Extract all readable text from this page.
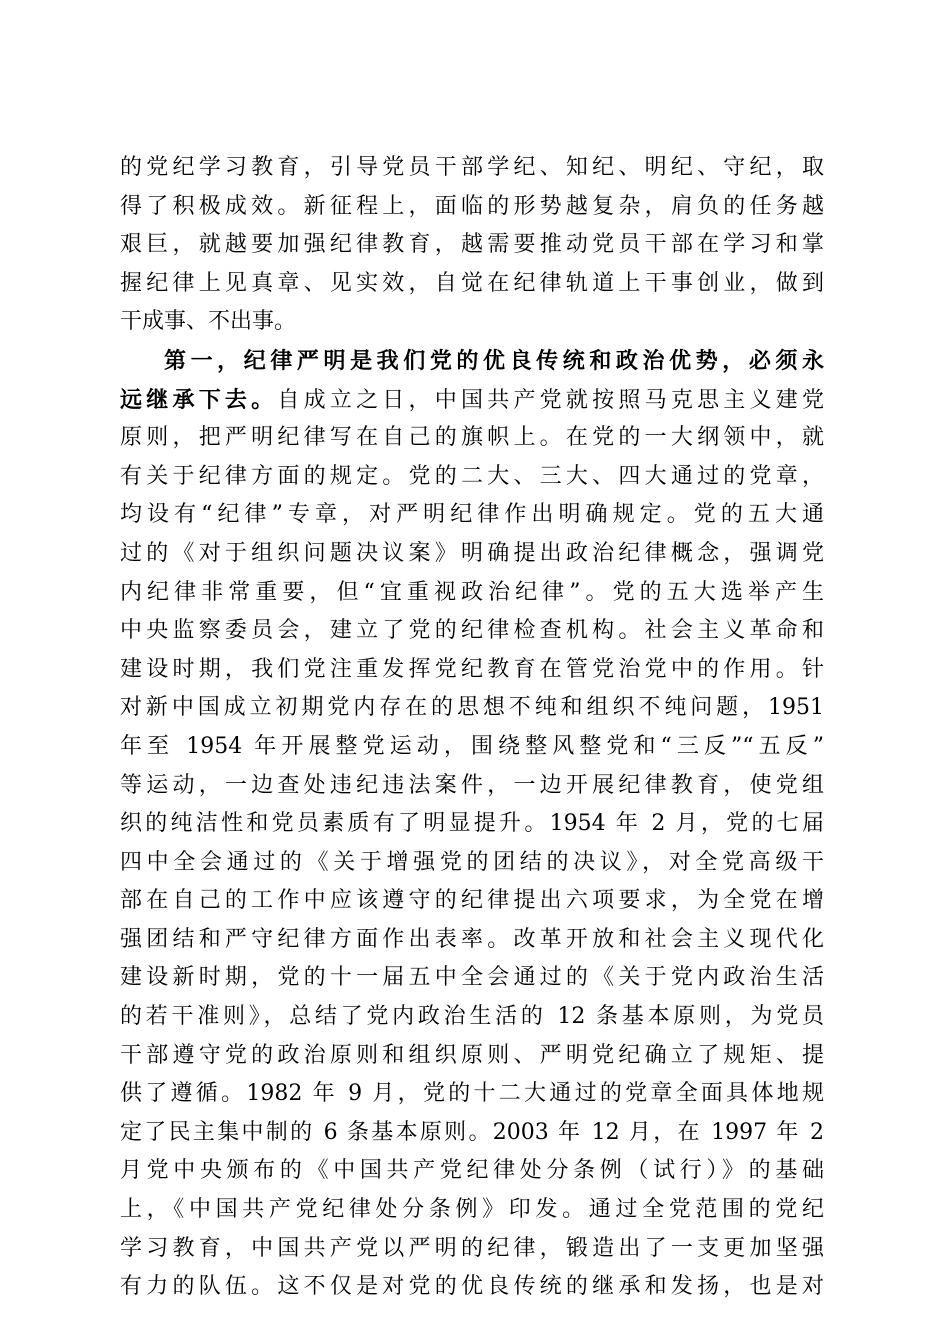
的党纪学习教育，引导党员干部学纪、知纪、明纪、守纪，取
得了积极成效。新征程上，面临的形势越复杂，肩负的任务越
艰巨，就越要加强纪律教育，越需要推动党员干部在学习和掌
握纪律上见真章、见实效，自觉在纪律轨道上干事创业，做到
干成事、不出事。
第一，纪律严明是我们党的优良传统和政治优势，必须永
远继承下去。自成立之日，中国共产党就按照马克思主义建党
原则，把严明纪律写在自己的旗帜上。在党的一大纲领中，就
有关于纪律方面的规定。党的二大、三大、四大通过的党章，
均设有“纪律”专章，对严明纪律作出明确规定。党的五大通
过的《对于组织问题决议案》明确提出政治纪律概念，强调党
内纪律非常重要，但“宜重视政治纪律”。党的五大选举产生
中央监察委员会，建立了党的纪律检查机构。社会主义革命和
建设时期，我们党注重发挥党纪教育在管党治党中的作用。针
对新中国成立初期党内存在的思想不纯和组织不纯问题，1951
年至 1954 年开展整党运动，围绕整风整党和“三反”“五反”
等运动，一边查处违纪违法案件，一边开展纪律教育，使党组
织的纯洁性和党员素质有了明显提升。1954 年 2 月，党的七届
四中全会通过的《关于增强党的团结的决议》，对全党高级干
部在自己的工作中应该遵守的纪律提出六项要求，为全党在增
强团结和严守纪律方面作出表率。改革开放和社会主义现代化
建设新时期，党的十一届五中全会通过的《关于党内政治生活
的若干准则》，总结了党内政治生活的 12 条基本原则，为党员
干部遵守党的政治原则和组织原则、严明党纪确立了规矩、提
供了遵循。1982 年 9 月，党的十二大通过的党章全面具体地规
定了民主集中制的 6 条基本原则。2003 年 12 月，在 1997 年 2
月党中央颁布的《中国共产党纪律处分条例（试行）》的基础
上，《中国共产党纪律处分条例》印发。通过全党范围的党纪
学习教育，中国共产党以严明的纪律，锻造出了一支更加坚强
有力的队伍。这不仅是对党的优良传统的继承和发扬，也是对
